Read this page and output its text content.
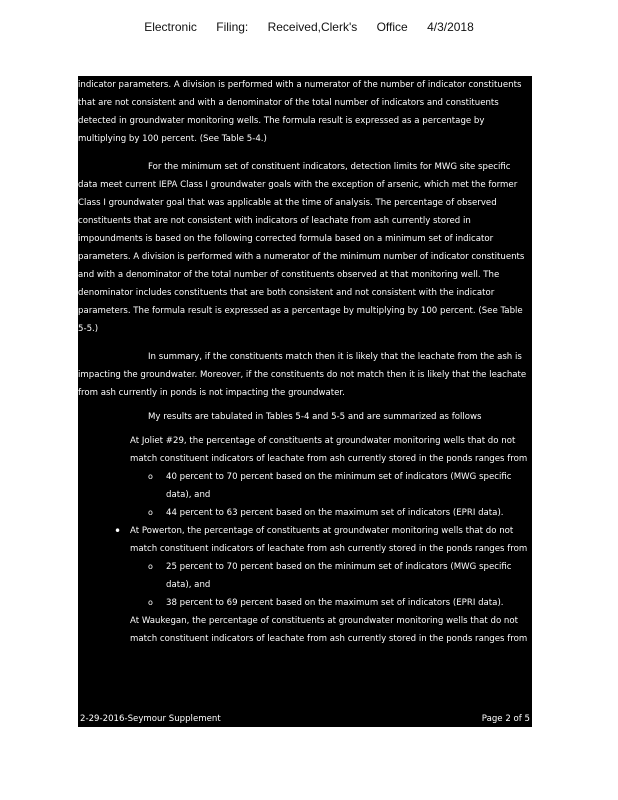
Electronic Filing: Received,Clerk's Office 4/3/2018

indicator parameters. A division is performed with a numerator of the number of indicator constituents that are not consistent and with a denominator of the total number of indicators and constituents detected in groundwater monitoring wells. The formula result is expressed as a percentage by multiplying by 100 percent. (See Table 5-4.)

For the minimum set of constituent indicators, detection limits for MWG site specific data meet current IEPA Class I groundwater goals with the exception of arsenic, which met the former Class I groundwater goal that was applicable at the time of analysis. The percentage of observed constituents that are not consistent with indicators of leachate from ash currently stored in impoundments is based on the following corrected formula based on a minimum set of indicator parameters. A division is performed with a numerator of the minimum number of indicator constituents and with a denominator of the total number of constituents observed at that monitoring well. The denominator includes constituents that are both consistent and not consistent with the indicator parameters. The formula result is expressed as a percentage by multiplying by 100 percent. (See Table 5-5.)

In summary, if the constituents match then it is likely that the leachate from the ash is impacting the groundwater. Moreover, if the constituents do not match then it is likely that the leachate from ash currently in ponds is not impacting the groundwater.

My results are tabulated in Tables 5-4 and 5-5 and are summarized as follows

At Joliet #29, the percentage of constituents at groundwater monitoring wells that do not match constituent indicators of leachate from ash currently stored in the ponds ranges from
o 40 percent to 70 percent based on the minimum set of indicators (MWG specific data), and
o 44 percent to 63 percent based on the maximum set of indicators (EPRI data).
• At Powerton, the percentage of constituents at groundwater monitoring wells that do not match constituent indicators of leachate from ash currently stored in the ponds ranges from
o 25 percent to 70 percent based on the minimum set of indicators (MWG specific data), and
o 38 percent to 69 percent based on the maximum set of indicators (EPRI data).
At Waukegan, the percentage of constituents at groundwater monitoring wells that do not match constituent indicators of leachate from ash currently stored in the ponds ranges from
2-29-2016-Seymour Supplement	Page 2 of 5
